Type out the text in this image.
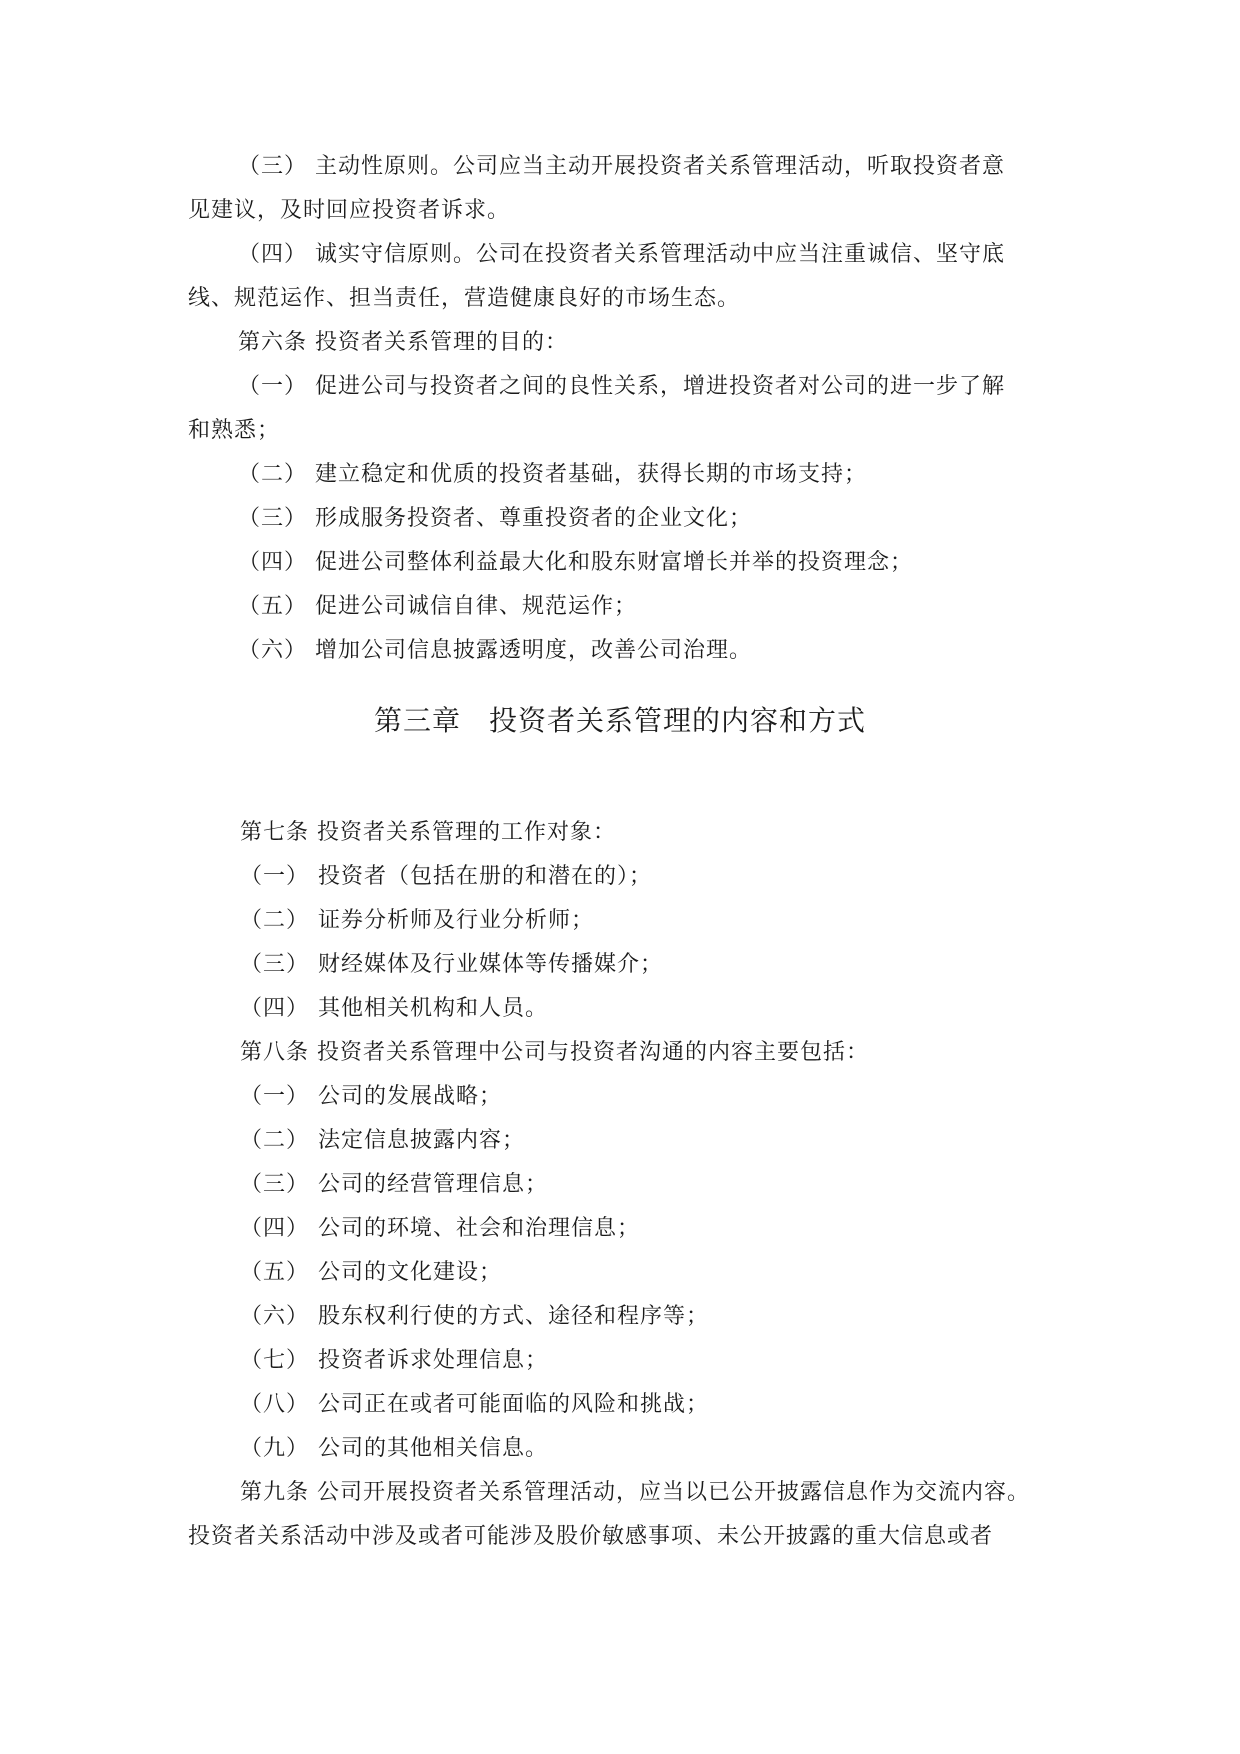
（三） 主动性原则。公司应当主动开展投资者关系管理活动，听取投资者意
见建议，及时回应投资者诉求。
（四） 诚实守信原则。公司在投资者关系管理活动中应当注重诚信、坚守底
线、规范运作、担当责任，营造健康良好的市场生态。
第六条 投资者关系管理的目的：
（一） 促进公司与投资者之间的良性关系，增进投资者对公司的进一步了解
和熟悉；
（二） 建立稳定和优质的投资者基础，获得长期的市场支持；
（三） 形成服务投资者、尊重投资者的企业文化；
（四） 促进公司整体利益最大化和股东财富增长并举的投资理念；
（五） 促进公司诚信自律、规范运作；
（六） 增加公司信息披露透明度，改善公司治理。
第三章 投资者关系管理的内容和方式
第七条 投资者关系管理的工作对象：
（一） 投资者（包括在册的和潜在的）；
（二） 证券分析师及行业分析师；
（三） 财经媒体及行业媒体等传播媒介；
（四） 其他相关机构和人员。
第八条 投资者关系管理中公司与投资者沟通的内容主要包括：
（一） 公司的发展战略；
（二） 法定信息披露内容；
（三） 公司的经营管理信息；
（四） 公司的环境、社会和治理信息；
（五） 公司的文化建设；
（六） 股东权利行使的方式、途径和程序等；
（七） 投资者诉求处理信息；
（八） 公司正在或者可能面临的风险和挑战；
（九） 公司的其他相关信息。
第九条 公司开展投资者关系管理活动，应当以已公开披露信息作为交流内容。
投资者关系活动中涉及或者可能涉及股价敏感事项、未公开披露的重大信息或者
